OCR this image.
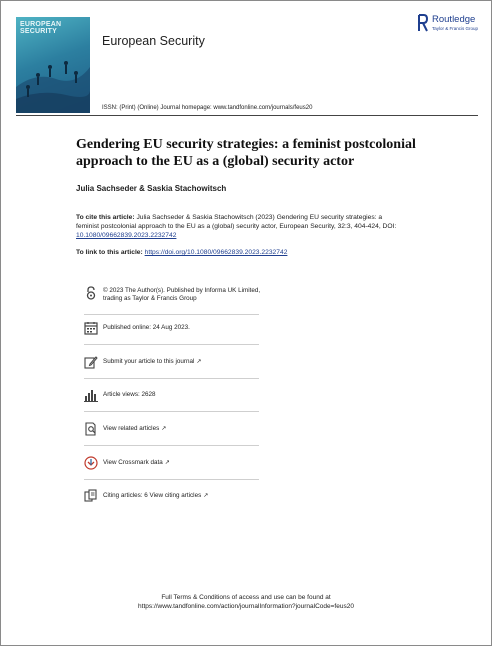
EUROPEAN
SECURITY
European Security
Routledge
Taylor & Francis Group
ISSN: (Print) (Online) Journal homepage: www.tandfonline.com/journals/feus20
Gendering EU security strategies: a feminist postcolonial
approach to the EU as a (global) security actor
Julia Sachseder & Saskia Stachowitsch
To cite this article: Julia Sachseder & Saskia Stachowitsch (2023) Gendering EU security strategies: a feminist postcolonial approach to the EU as a (global) security actor, European Security, 32:3, 404-424, DOI: 10.1080/09662839.2023.2232742
To link to this article: https://doi.org/10.1080/09662839.2023.2232742
© 2023 The Author(s). Published by Informa UK Limited, trading as Taylor & Francis Group
Published online: 24 Aug 2023.
Submit your article to this journal ↗
Article views: 2628
View related articles ↗
View Crossmark data ↗
Citing articles: 6 View citing articles ↗
Full Terms & Conditions of access and use can be found at
https://www.tandfonline.com/action/journalInformation?journalCode=feus20
